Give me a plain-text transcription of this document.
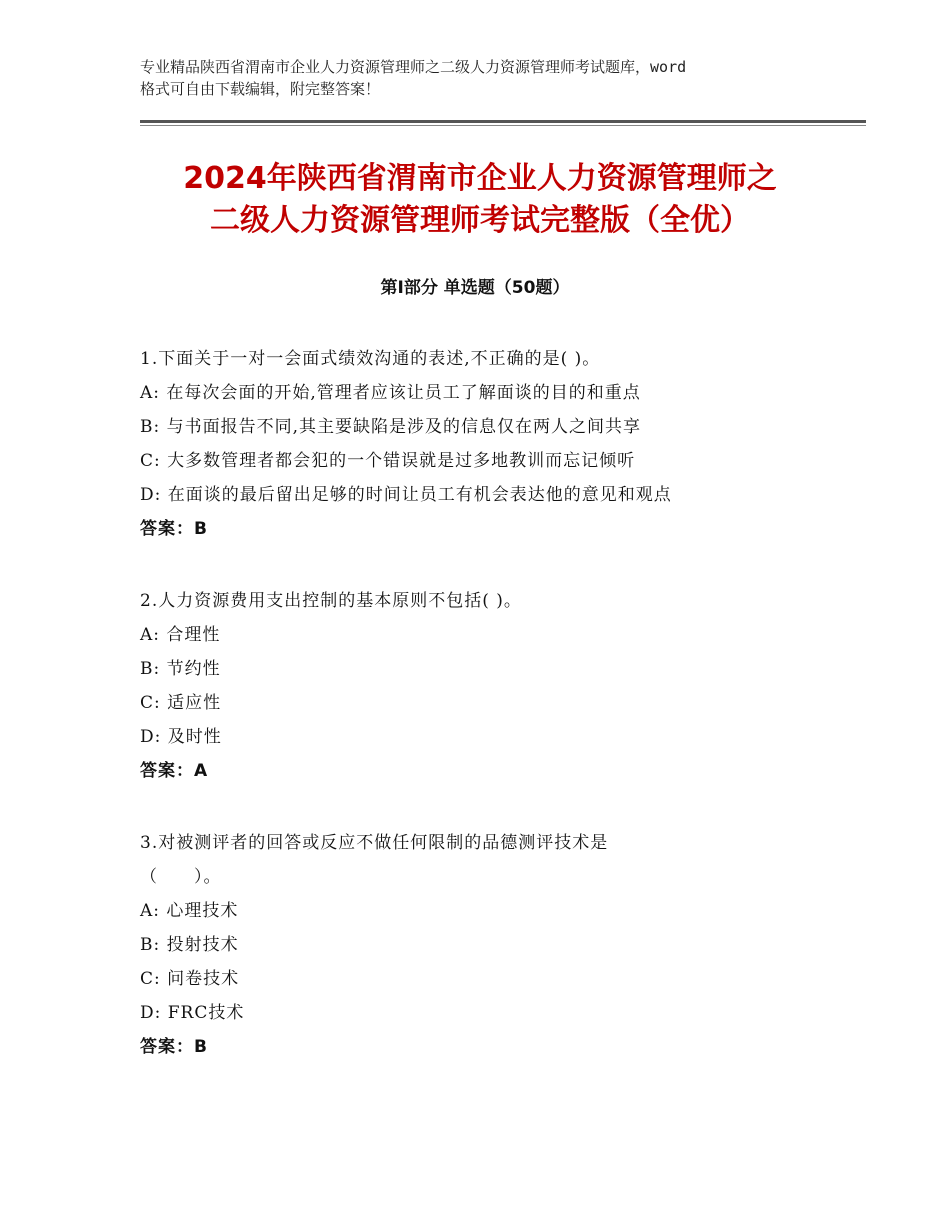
专业精品陕西省渭南市企业人力资源管理师之二级人力资源管理师考试题库，word
格式可自由下载编辑，附完整答案！
2024年陕西省渭南市企业人力资源管理师之
二级人力资源管理师考试完整版（全优）
第Ⅰ部分 单选题（50题）
1.下面关于一对一会面式绩效沟通的表述,不正确的是( )。
A: 在每次会面的开始,管理者应该让员工了解面谈的目的和重点
B: 与书面报告不同,其主要缺陷是涉及的信息仅在两人之间共享
C: 大多数管理者都会犯的一个错误就是过多地教训而忘记倾听
D: 在面谈的最后留出足够的时间让员工有机会表达他的意见和观点
答案：B
2.人力资源费用支出控制的基本原则不包括( )。
A: 合理性
B: 节约性
C: 适应性
D: 及时性
答案：A
3.对被测评者的回答或反应不做任何限制的品德测评技术是
（　　）。
A: 心理技术
B: 投射技术
C: 问卷技术
D: FRC技术
答案：B
